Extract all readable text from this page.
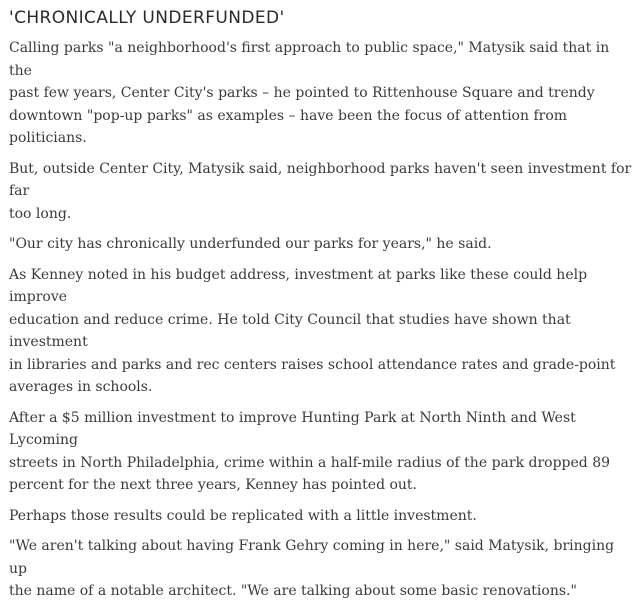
'CHRONICALLY UNDERFUNDED'

Calling parks "a neighborhood's first approach to public space," Matysik said that in the
past few years, Center City's parks – he pointed to Rittenhouse Square and trendy
downtown "pop-up parks" as examples – have been the focus of attention from
politicians.

But, outside Center City, Matysik said, neighborhood parks haven't seen investment for far
too long.

"Our city has chronically underfunded our parks for years," he said.

As Kenney noted in his budget address, investment at parks like these could help improve
education and reduce crime. He told City Council that studies have shown that investment
in libraries and parks and rec centers raises school attendance rates and grade-point
averages in schools.

After a $5 million investment to improve Hunting Park at North Ninth and West Lycoming
streets in North Philadelphia, crime within a half-mile radius of the park dropped 89
percent for the next three years, Kenney has pointed out.

Perhaps those results could be replicated with a little investment.

"We aren't talking about having Frank Gehry coming in here," said Matysik, bringing up
the name of a notable architect. "We are talking about some basic renovations."
